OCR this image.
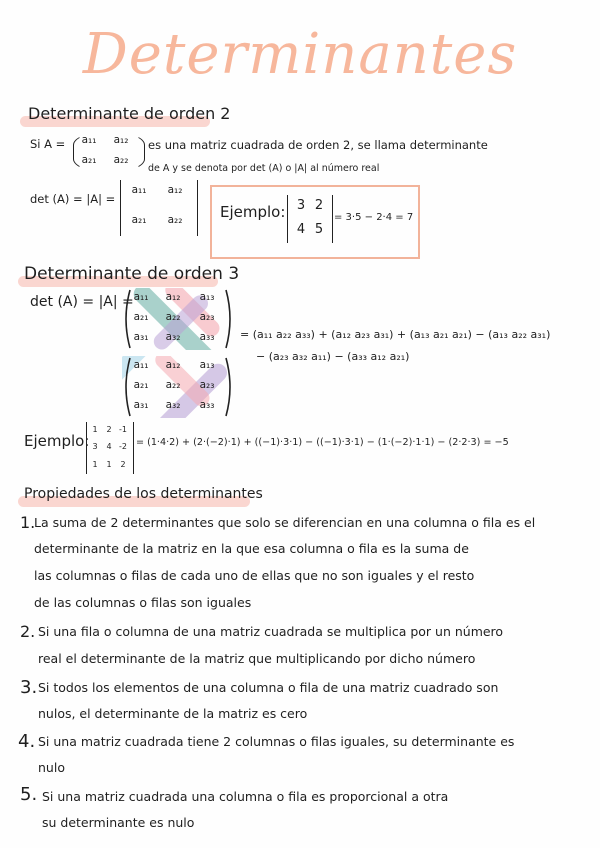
Determinantes
Determinante de orden 2
Si A =	a₁₁	a₁₂
a₂₁	a₂₂
es una matriz cuadrada de orden 2, se llama determinante
de A y se denota por det (A) o |A| al número real
det (A) = |A| =
a₁₁	a₁₂
a₂₁	a₂₂	Ejemplo: 3 2
4 5
= 3·5 − 2·4 = 7
Determinante de orden 3
det (A) = |A| = a₁₁	a₁₂	a₁₃
a₂₁	a₂₂	a₂₃
a₃₁	a₃₂	a₃₃	= (a₁₁ a₂₂ a₃₃) + (a₁₂ a₂₃ a₃₁) + (a₁₃ a₂₁ a₂₁) − (a₁₃ a₂₂ a₃₁)
− (a₂₃ a₃₂ a₁₁) − (a₃₃ a₁₂ a₂₁)
a₁₁	a₁₂	a₁₃
a₂₁	a₂₂	a₂₃
a₃₁	a₃₂	a₃₃
Ejemplo:
1	2 -1
3	4 -2
1	1	2
= (1·4·2) + (2·(−2)·1) + ((−1)·3·1) − ((−1)·3·1) − (1·(−2)·1·1) − (2·2·3) = −5
Propiedades de los determinantes
1.
La suma de 2 determinantes que solo se diferencian en una columna o fila es el
determinante de la matriz en la que esa columna o fila es la suma de
las columnas o filas de cada uno de ellas que no son iguales y el resto
de las columnas o filas son iguales
2. Si una fila o columna de una matriz cuadrada se multiplica por un número
real el determinante de la matriz que multiplicando por dicho número
3. Si todos los elementos de una columna o fila de una matriz cuadrado son
nulos, el determinante de la matriz es cero
4. Si una matriz cuadrada tiene 2 columnas o filas iguales, su determinante es
nulo
5. Si una matriz cuadrada una columna o fila es proporcional a otra
su determinante es nulo
